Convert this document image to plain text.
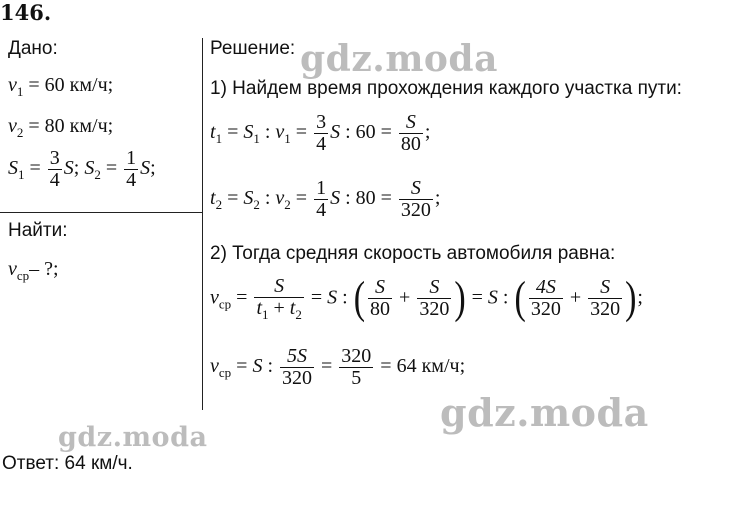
146.
Дано:
$v_1 = 60$ км/ч;
$v_2 = 80$ км/ч;
$S_1 = \frac{3}{4} S$; $S_2 = \frac{1}{4} S$;
Найти:
$v_{ср}-$ ?;
Решение:
1) Найдем время прохождения каждого участка пути:
$t_1 = S_1$ : $v_1 = \frac{3}{4}$ S : $60 = \frac{S}{80}$ ;
$t_2 = S_2$ : $v_2 = \frac{1}{4}$ S : $80 = \frac{S}{320}$ ;
2) Тогда средняя скорость автомобиля равна:
$v_{ср} = \frac{S}{t_1 + t_2} = S$ : ( $\frac{S}{80} + \frac{S}{320}$ ) = S : ( $\frac{4S}{320} + \frac{S}{320}$ );
$v_{ср} = S$ : $\frac{5S}{320} = \frac{320}{5} = 64$ км/ч;
Ответ: 64 км/ч.
gdz.moda
gdz.moda
gdz.moda
